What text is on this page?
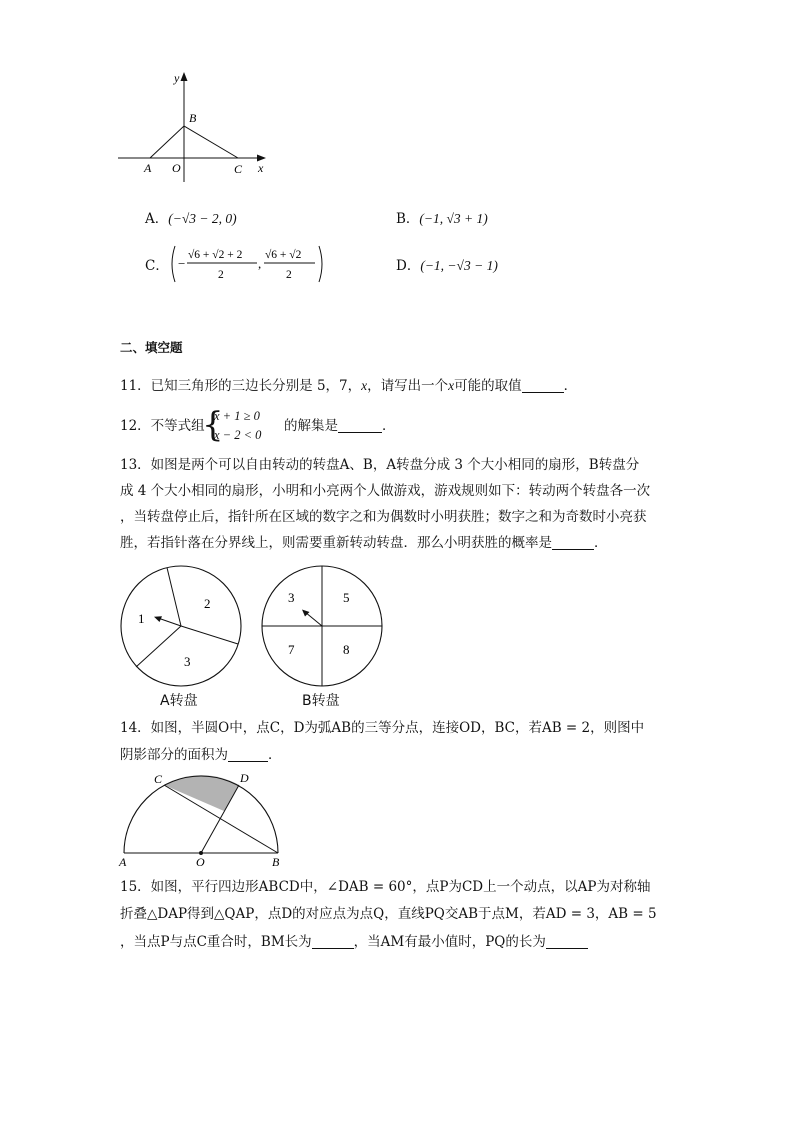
y
x
B
A O	C
A．(−√3 − 2, 0)	B．(−1, √3 + 1)
C． −
√6 + √2 + 2
2
,
√6 + √2
2
D．(−1, −√3 − 1)
二、填空题
11．已知三角形的三边长分别是 5，7，x，请写出一个x可能的取值	．
12．不等式组
{
x + 1 ≥ 0
x − 2 < 0
的解集是	．
13．如图是两个可以自由转动的转盘A、B，A转盘分成 3 个大小相同的扇形，B转盘分
成 4 个大小相同的扇形，小明和小亮两个人做游戏，游戏规则如下：转动两个转盘各一次
，当转盘停止后，指针所在区域的数字之和为偶数时小明获胜；数字之和为奇数时小亮获
胜，若指针落在分界线上，则需要重新转动转盘．那么小明获胜的概率是	．
1
2
3
A转盘
3	5
7	8
B转盘
14．如图，半圆O中，点C，D为弧AB的三等分点，连接OD，BC，若AB = 2，则图中
阴影部分的面积为	．
C	D
A	O	B
15．如图，平行四边形ABCD中，∠DAB = 60°，点P为CD上一个动点，以AP为对称轴
折叠△DAP得到△QAP，点D的对应点为点Q，直线PQ交AB于点M，若AD = 3，AB = 5
，当点P与点C重合时，BM长为	，当AM有最小值时，PQ的长为
